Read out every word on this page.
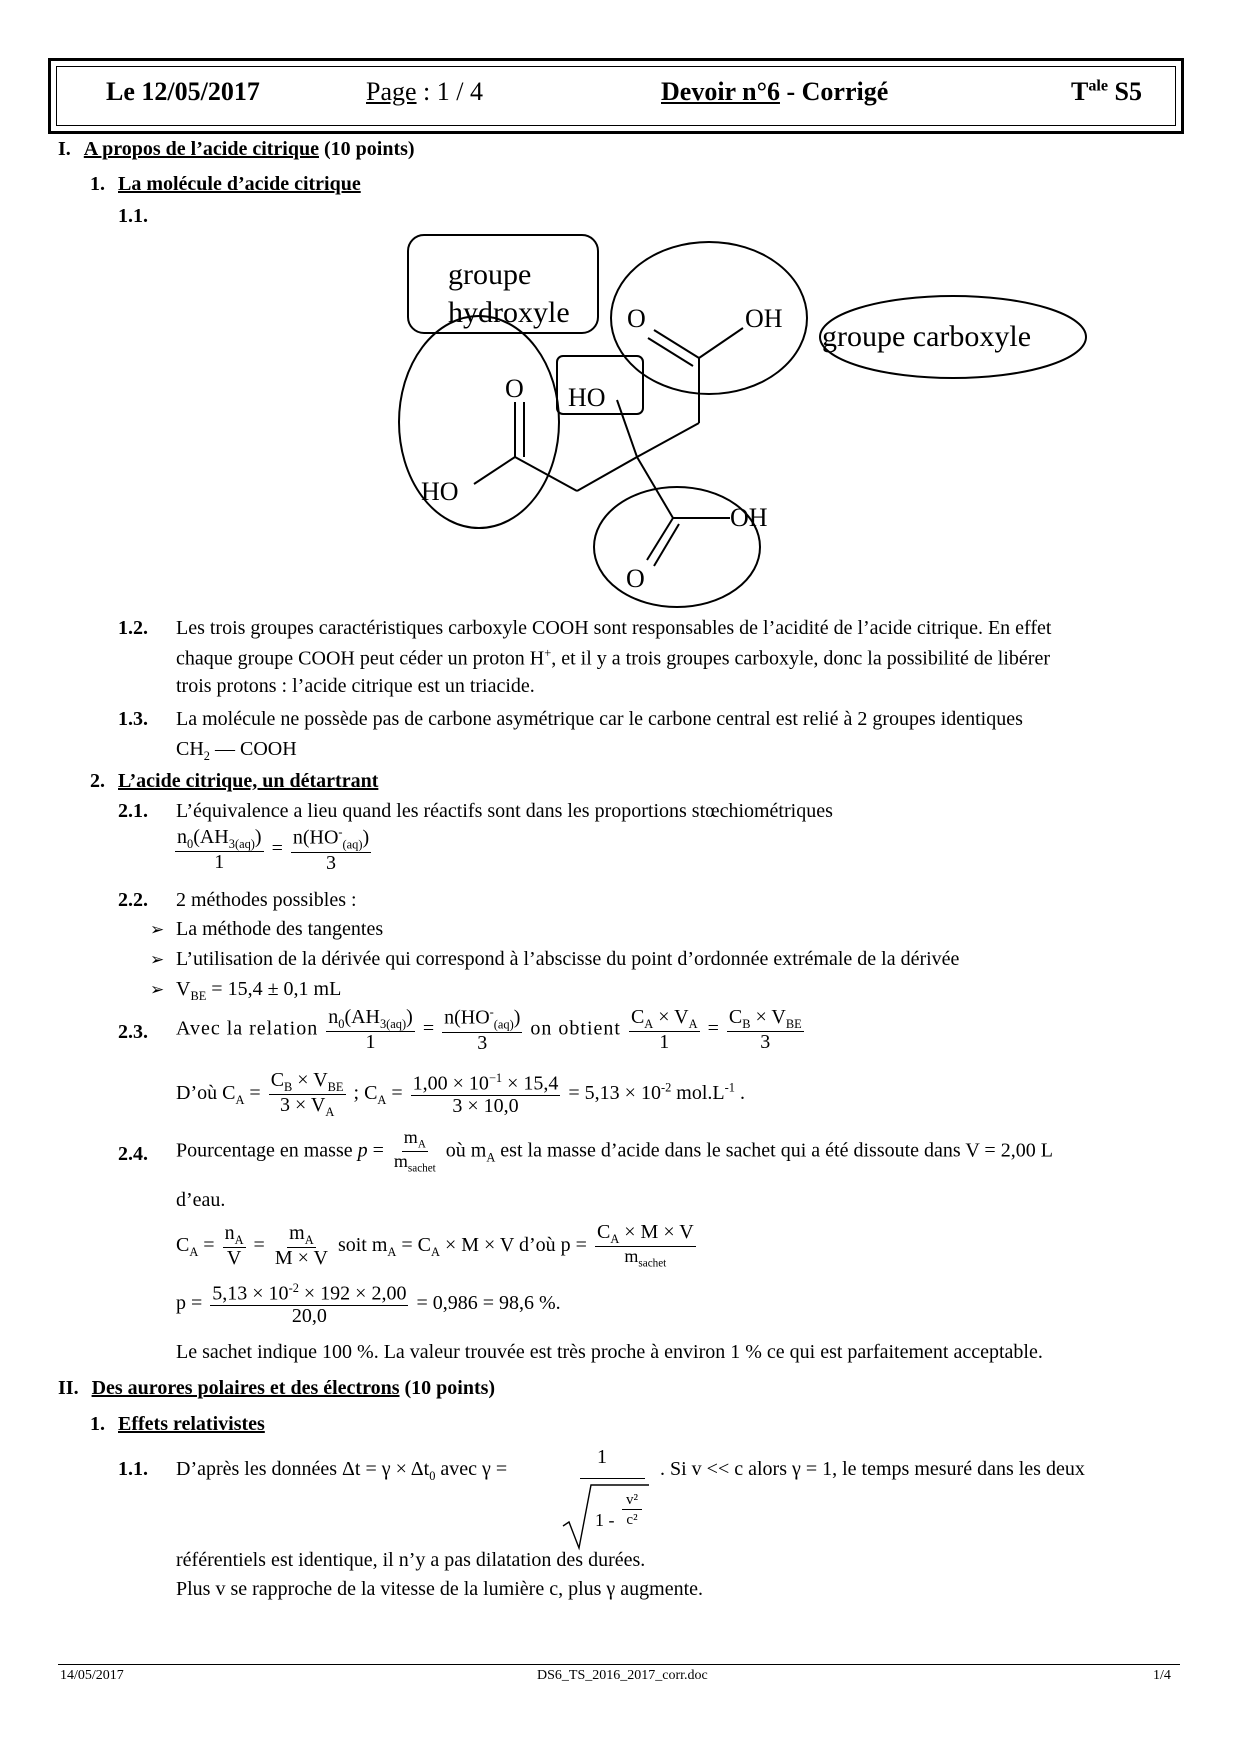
Le 12/05/2017	Page : 1 / 4	Devoir n°6 - Corrigé	$T^{ale}$ S5
I. A propos de l’acide citrique (10 points)
1. La molécule d’acide citrique
1.1.
groupe
hydroxyle
groupe carboxyle
O	OH
O HO
HO
OH
O
1.2. Les trois groupes caractéristiques carboxyle COOH sont responsables de l’acidité de l’acide citrique. En effet
chaque groupe COOH peut céder un proton H+, et il y a trois groupes carboxyle, donc la possibilité de libérer
trois protons : l’acide citrique est un triacide.
1.3. La molécule ne possède pas de carbone asymétrique car le carbone central est relié à 2 groupes identiques
$CH_2$ — COOH
2. L’acide citrique, un détartrant
2.1. L’équivalence a lieu quand les réactifs sont dans les proportions stœchiométriques
$\frac{n_0(AH_{3(aq)})}{1} = \frac{n(HO^-_{(aq)})}{3}$
2.2. 2 méthodes possibles :
➢ La méthode des tangentes
➢ L’utilisation de la dérivée qui correspond à l’abscisse du point d’ordonnée extrémale de la dérivée
➢ $V_{BE} = 15,4 \pm 0,1$ mL
2.3. Avec la relation $\frac{n_0(AH_{3(aq)})}{1} = \frac{n(HO^-_{(aq)})}{3}$ on obtient $\frac{C_A \times V_A}{1} = \frac{C_B \times V_{BE}}{3}$
D’où $C_A = \frac{C_B \times V_{BE}}{3 \times V_A}$ ; $C_A = \frac{1,00 \times 10^{-1} \times 15,4}{3 \times 10,0} = 5,13 \times 10^{-2}$ $mol.L^{-1}$ .
2.4. Pourcentage en masse $p = \frac{m_A}{m_{sachet}}$ où $m_A$ est la masse d’acide dans le sachet qui a été dissoute dans V = 2,00 L
d’eau.
$C_A = \frac{n_A}{V} = \frac{m_A}{M \times V}$ soit $m_A = C_A \times M \times V$ d’où $p = \frac{C_A \times M \times V}{m_{sachet}}$
$p = \frac{5,13 \times 10^{-2} \times 192 \times 2,00}{20,0} = 0,986 = 98,6$ %.
Le sachet indique 100 %. La valeur trouvée est très proche à environ 1 % ce qui est parfaitement acceptable.
II. Des aurores polaires et des électrons (10 points)
1. Effets relativistes
1.1. D’après les données $\Delta t = \gamma \times \Delta t_0$ avec γ =
1
1 -
v²
c²
. Si v << c alors γ = 1, le temps mesuré dans les deux
référentiels est identique, il n’y a pas dilatation des durées.
Plus v se rapproche de la vitesse de la lumière c, plus γ augmente.
14/05/2017	DS6_TS_2016_2017_corr.doc	1/4
